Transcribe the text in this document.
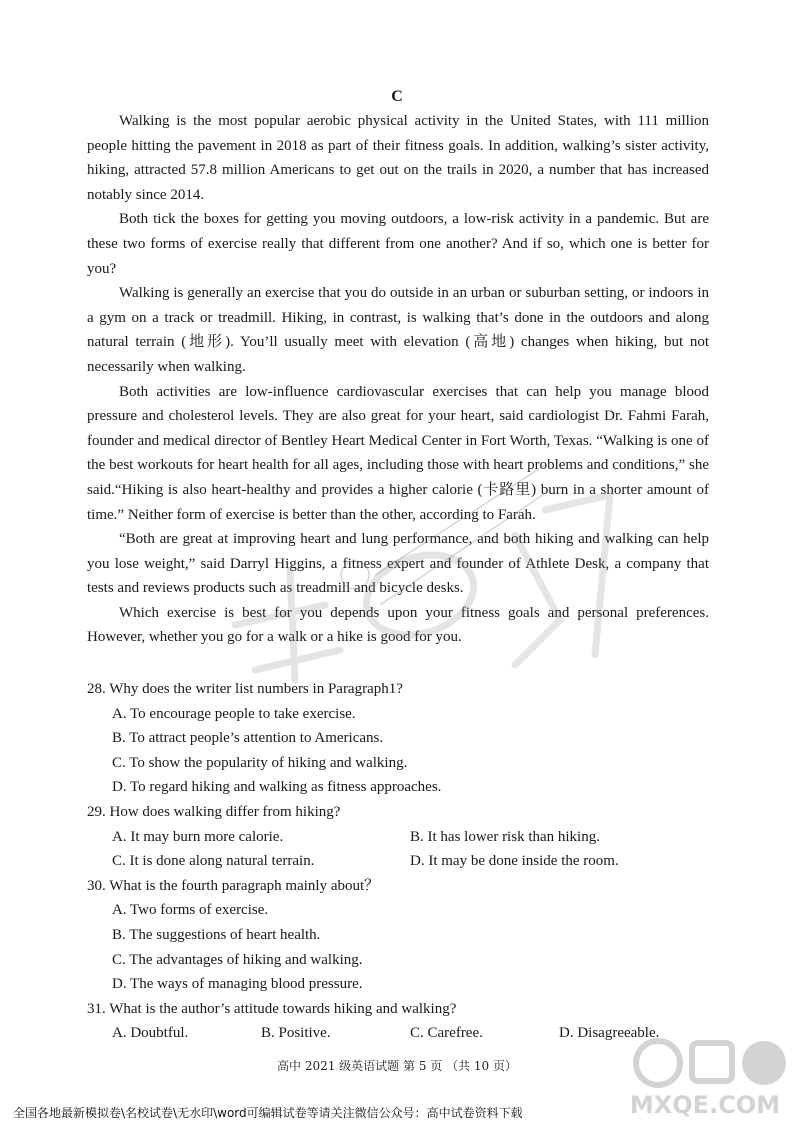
C

Walking is the most popular aerobic physical activity in the United States, with 111 million people hitting the pavement in 2018 as part of their fitness goals. In addition, walking’s sister activity, hiking, attracted 57.8 million Americans to get out on the trails in 2020, a number that has increased notably since 2014.

Both tick the boxes for getting you moving outdoors, a low-risk activity in a pandemic. But are these two forms of exercise really that different from one another? And if so, which one is better for you?

Walking is generally an exercise that you do outside in an urban or suburban setting, or indoors in a gym on a track or treadmill. Hiking, in contrast, is walking that’s done in the outdoors and along natural terrain (地形). You’ll usually meet with elevation (高地) changes when hiking, but not necessarily when walking.

Both activities are low-influence cardiovascular exercises that can help you manage blood pressure and cholesterol levels. They are also great for your heart, said cardiologist Dr. Fahmi Farah, founder and medical director of Bentley Heart Medical Center in Fort Worth, Texas. “Walking is one of the best workouts for heart health for all ages, including those with heart problems and conditions,” she said.“Hiking is also heart-healthy and provides a higher calorie (卡路里) burn in a shorter amount of time.” Neither form of exercise is better than the other, according to Farah.

“Both are great at improving heart and lung performance, and both hiking and walking can help you lose weight,” said Darryl Higgins, a fitness expert and founder of Athlete Desk, a company that tests and reviews products such as treadmill and bicycle desks.

Which exercise is best for you depends upon your fitness goals and personal preferences. However, whether you go for a walk or a hike is good for you.

28. Why does the writer list numbers in Paragraph1?

A. To encourage people to take exercise.
B. To attract people’s attention to Americans.
C. To show the popularity of hiking and walking.
D. To regard hiking and walking as fitness approaches.

29. How does walking differ from hiking?

A. It may burn more calorie.	B. It has lower risk than hiking.
C. It is done along natural terrain.	D. It may be done inside the room.

30. What is the fourth paragraph mainly about？

A. Two forms of exercise.
B. The suggestions of heart health.
C. The advantages of hiking and walking.
D. The ways of managing blood pressure.

31. What is the author’s attitude towards hiking and walking?

A. Doubtful.	B. Positive.	C. Carefree.	D. Disagreeable.
高中 2021 级英语试题 第 5 页 （共 10 页）
全国各地最新模拟卷\名校试卷\无水印\word可编辑试卷等请关注微信公众号：高中试卷资料下载	MXQE.COM
